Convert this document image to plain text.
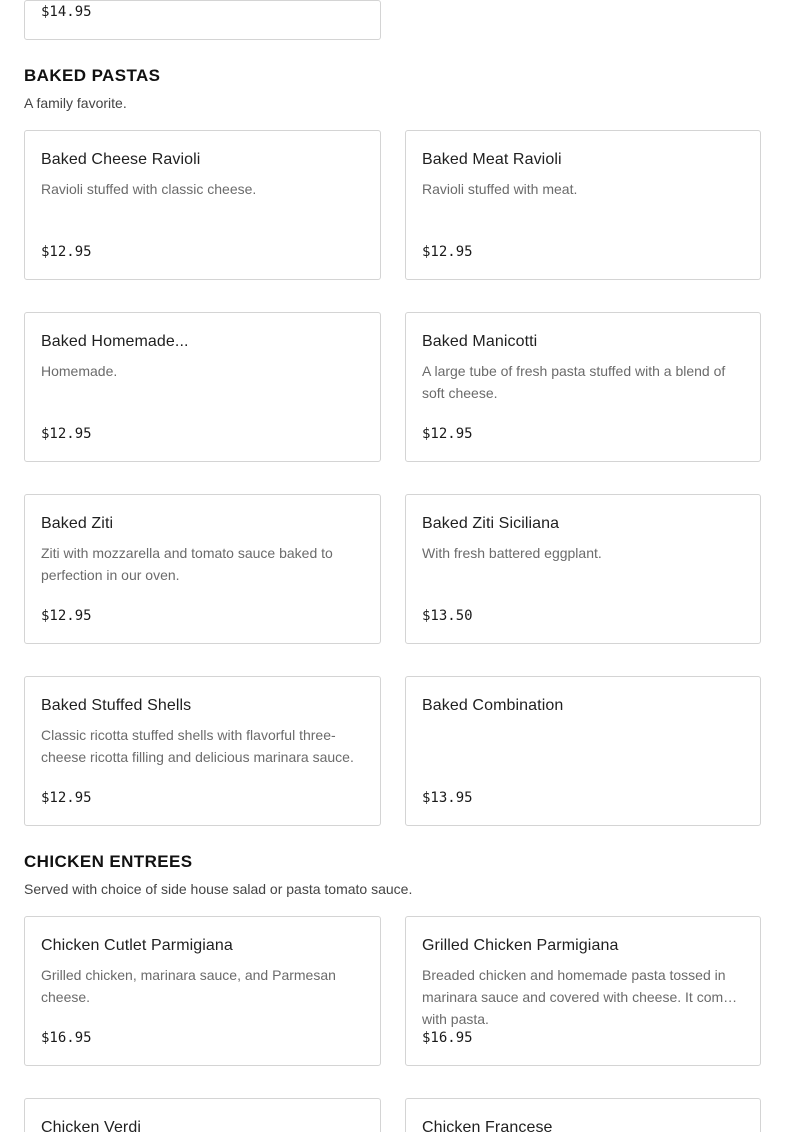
$14.95
BAKED PASTAS
A family favorite.
Baked Cheese Ravioli
Ravioli stuffed with classic cheese.
$12.95
Baked Meat Ravioli
Ravioli stuffed with meat.
$12.95
Baked Homemade...
Homemade.
$12.95
Baked Manicotti
A large tube of fresh pasta stuffed with a blend of soft cheese.
$12.95
Baked Ziti
Ziti with mozzarella and tomato sauce baked to perfection in our oven.
$12.95
Baked Ziti Siciliana
With fresh battered eggplant.
$13.50
Baked Stuffed Shells
Classic ricotta stuffed shells with flavorful three-cheese ricotta filling and delicious marinara sauce.
$12.95
Baked Combination
$13.95
CHICKEN ENTREES
Served with choice of side house salad or pasta tomato sauce.
Chicken Cutlet Parmigiana
Grilled chicken, marinara sauce, and Parmesan cheese.
$16.95
Grilled Chicken Parmigiana
Breaded chicken and homemade pasta tossed in marinara sauce and covered with cheese. It comes with pasta.
$16.95
Chicken Verdi	Chicken Francese
